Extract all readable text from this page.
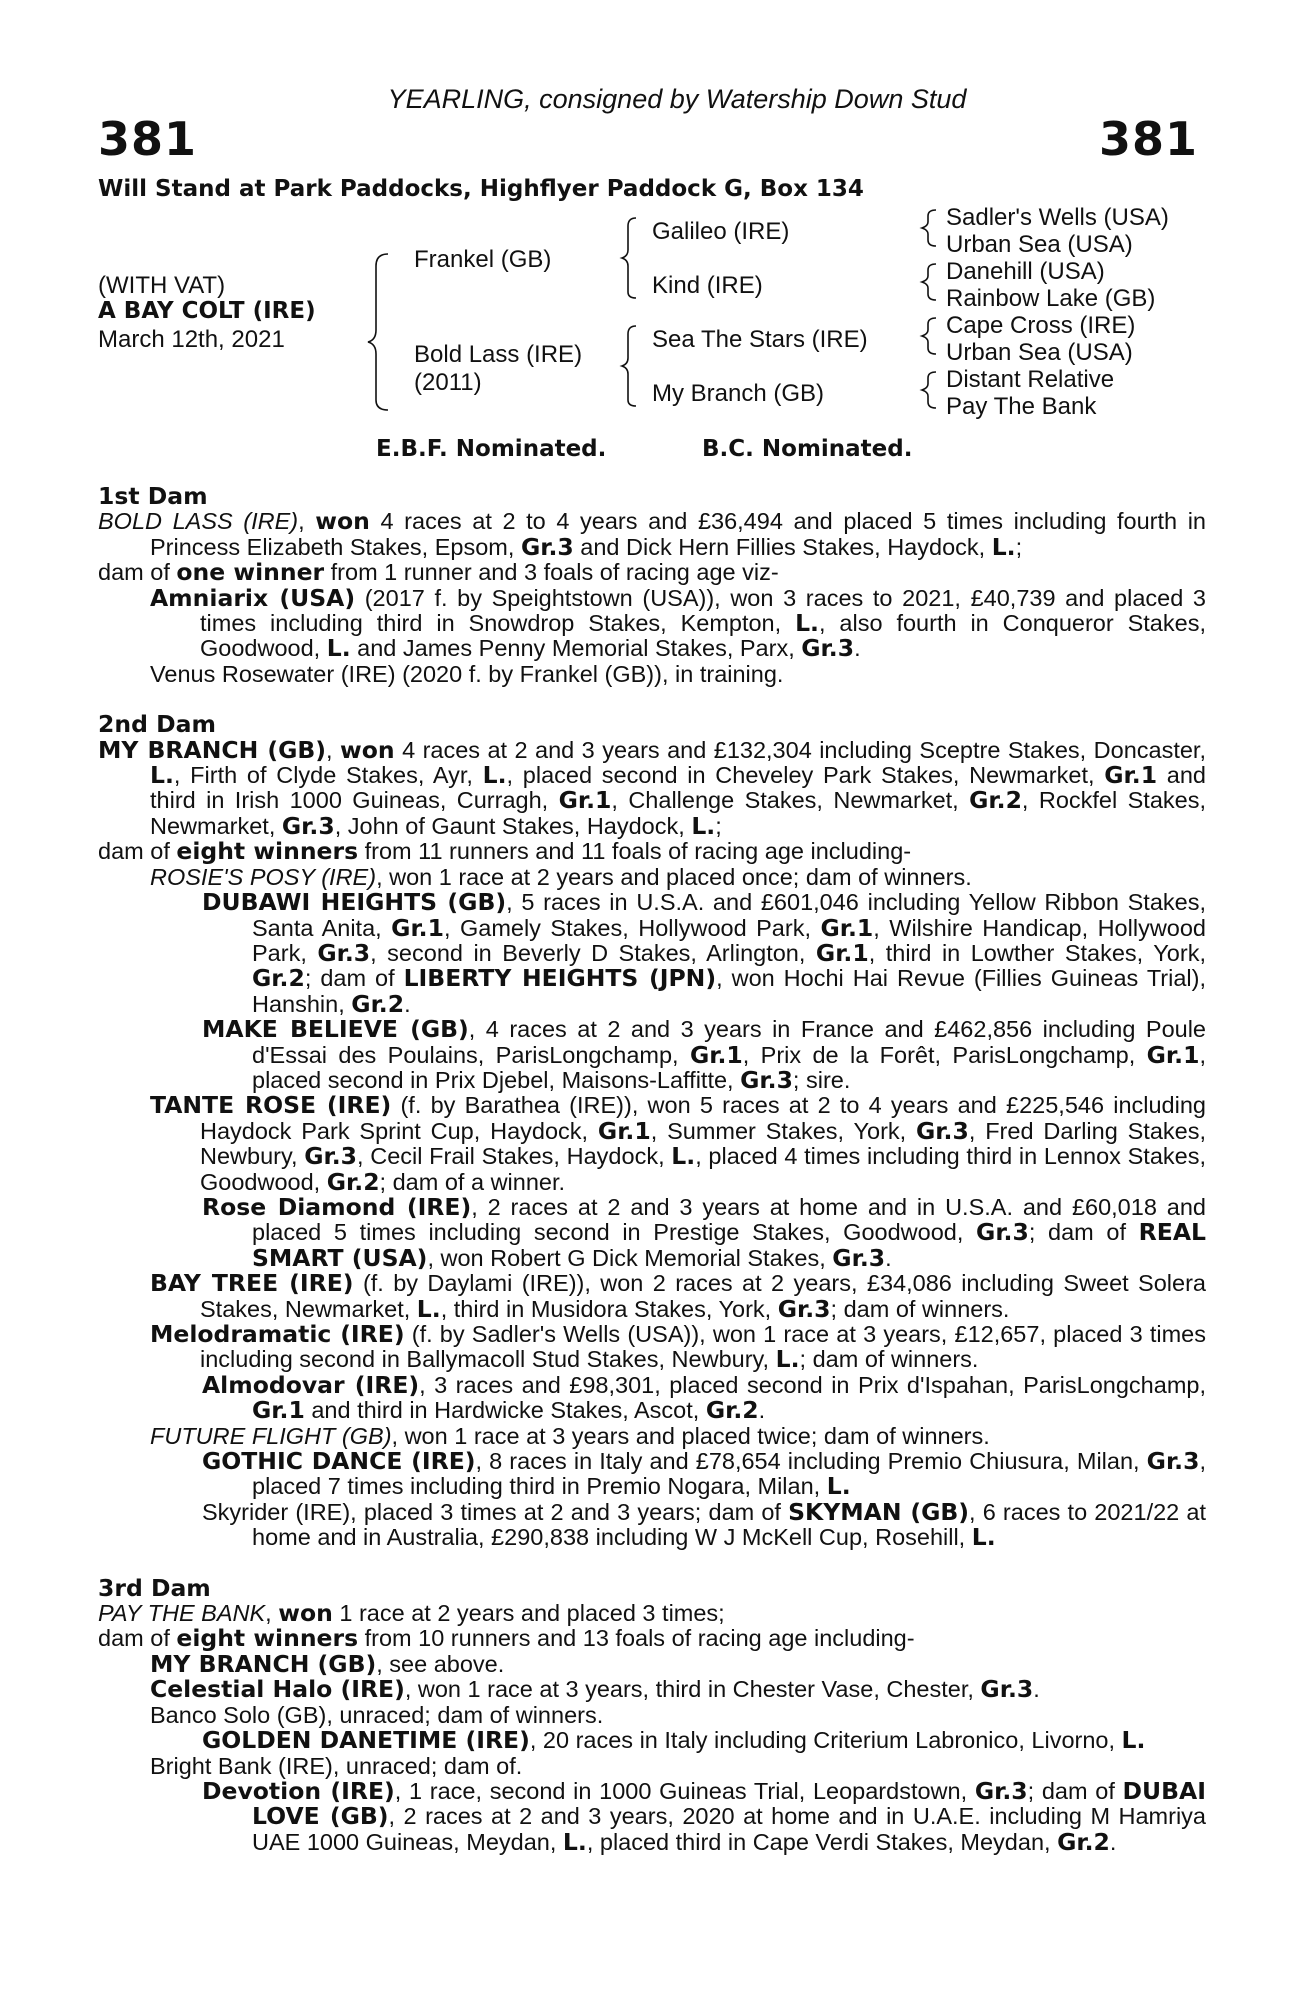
YEARLING, consigned by Watership Down Stud
381	381
Will Stand at Park Paddocks, Highflyer Paddock G, Box 134
(WITH VAT)
A BAY COLT (IRE)
March 12th, 2021
Frankel (GB)
Bold Lass (IRE)
(2011)
Galileo (IRE)
Kind (IRE)
Sea The Stars (IRE)
My Branch (GB)
Sadler's Wells (USA)
Urban Sea (USA)
Danehill (USA)
Rainbow Lake (GB)
Cape Cross (IRE)
Urban Sea (USA)
Distant Relative
Pay The Bank
E.B.F. Nominated.	B.C. Nominated.
1st Dam
BOLD LASS (IRE), won 4 races at 2 to 4 years and £36,494 and placed 5 times including fourth in Princess Elizabeth Stakes, Epsom, Gr.3 and Dick Hern Fillies Stakes, Haydock, L.;
dam of one winner from 1 runner and 3 foals of racing age viz-
Amniarix (USA) (2017 f. by Speightstown (USA)), won 3 races to 2021, £40,739 and placed 3 times including third in Snowdrop Stakes, Kempton, L., also fourth in Conqueror Stakes, Goodwood, L. and James Penny Memorial Stakes, Parx, Gr.3.
Venus Rosewater (IRE) (2020 f. by Frankel (GB)), in training.
2nd Dam
MY BRANCH (GB), won 4 races at 2 and 3 years and £132,304 including Sceptre Stakes, Doncaster, L., Firth of Clyde Stakes, Ayr, L., placed second in Cheveley Park Stakes, Newmarket, Gr.1 and third in Irish 1000 Guineas, Curragh, Gr.1, Challenge Stakes, Newmarket, Gr.2, Rockfel Stakes, Newmarket, Gr.3, John of Gaunt Stakes, Haydock, L.;
dam of eight winners from 11 runners and 11 foals of racing age including-
ROSIE'S POSY (IRE), won 1 race at 2 years and placed once; dam of winners.
DUBAWI HEIGHTS (GB), 5 races in U.S.A. and £601,046 including Yellow Ribbon Stakes, Santa Anita, Gr.1, Gamely Stakes, Hollywood Park, Gr.1, Wilshire Handicap, Hollywood Park, Gr.3, second in Beverly D Stakes, Arlington, Gr.1, third in Lowther Stakes, York, Gr.2; dam of LIBERTY HEIGHTS (JPN), won Hochi Hai Revue (Fillies Guineas Trial), Hanshin, Gr.2.
MAKE BELIEVE (GB), 4 races at 2 and 3 years in France and £462,856 including Poule d'Essai des Poulains, ParisLongchamp, Gr.1, Prix de la Forêt, ParisLongchamp, Gr.1, placed second in Prix Djebel, Maisons-Laffitte, Gr.3; sire.
TANTE ROSE (IRE) (f. by Barathea (IRE)), won 5 races at 2 to 4 years and £225,546 including Haydock Park Sprint Cup, Haydock, Gr.1, Summer Stakes, York, Gr.3, Fred Darling Stakes, Newbury, Gr.3, Cecil Frail Stakes, Haydock, L., placed 4 times including third in Lennox Stakes, Goodwood, Gr.2; dam of a winner.
Rose Diamond (IRE), 2 races at 2 and 3 years at home and in U.S.A. and £60,018 and placed 5 times including second in Prestige Stakes, Goodwood, Gr.3; dam of REAL SMART (USA), won Robert G Dick Memorial Stakes, Gr.3.
BAY TREE (IRE) (f. by Daylami (IRE)), won 2 races at 2 years, £34,086 including Sweet Solera Stakes, Newmarket, L., third in Musidora Stakes, York, Gr.3; dam of winners.
Melodramatic (IRE) (f. by Sadler's Wells (USA)), won 1 race at 3 years, £12,657, placed 3 times including second in Ballymacoll Stud Stakes, Newbury, L.; dam of winners.
Almodovar (IRE), 3 races and £98,301, placed second in Prix d'Ispahan, ParisLongchamp, Gr.1 and third in Hardwicke Stakes, Ascot, Gr.2.
FUTURE FLIGHT (GB), won 1 race at 3 years and placed twice; dam of winners.
GOTHIC DANCE (IRE), 8 races in Italy and £78,654 including Premio Chiusura, Milan, Gr.3, placed 7 times including third in Premio Nogara, Milan, L.
Skyrider (IRE), placed 3 times at 2 and 3 years; dam of SKYMAN (GB), 6 races to 2021/22 at home and in Australia, £290,838 including W J McKell Cup, Rosehill, L.
3rd Dam
PAY THE BANK, won 1 race at 2 years and placed 3 times;
dam of eight winners from 10 runners and 13 foals of racing age including-
MY BRANCH (GB), see above.
Celestial Halo (IRE), won 1 race at 3 years, third in Chester Vase, Chester, Gr.3.
Banco Solo (GB), unraced; dam of winners.
GOLDEN DANETIME (IRE), 20 races in Italy including Criterium Labronico, Livorno, L.
Bright Bank (IRE), unraced; dam of.
Devotion (IRE), 1 race, second in 1000 Guineas Trial, Leopardstown, Gr.3; dam of DUBAI LOVE (GB), 2 races at 2 and 3 years, 2020 at home and in U.A.E. including M Hamriya UAE 1000 Guineas, Meydan, L., placed third in Cape Verdi Stakes, Meydan, Gr.2.
